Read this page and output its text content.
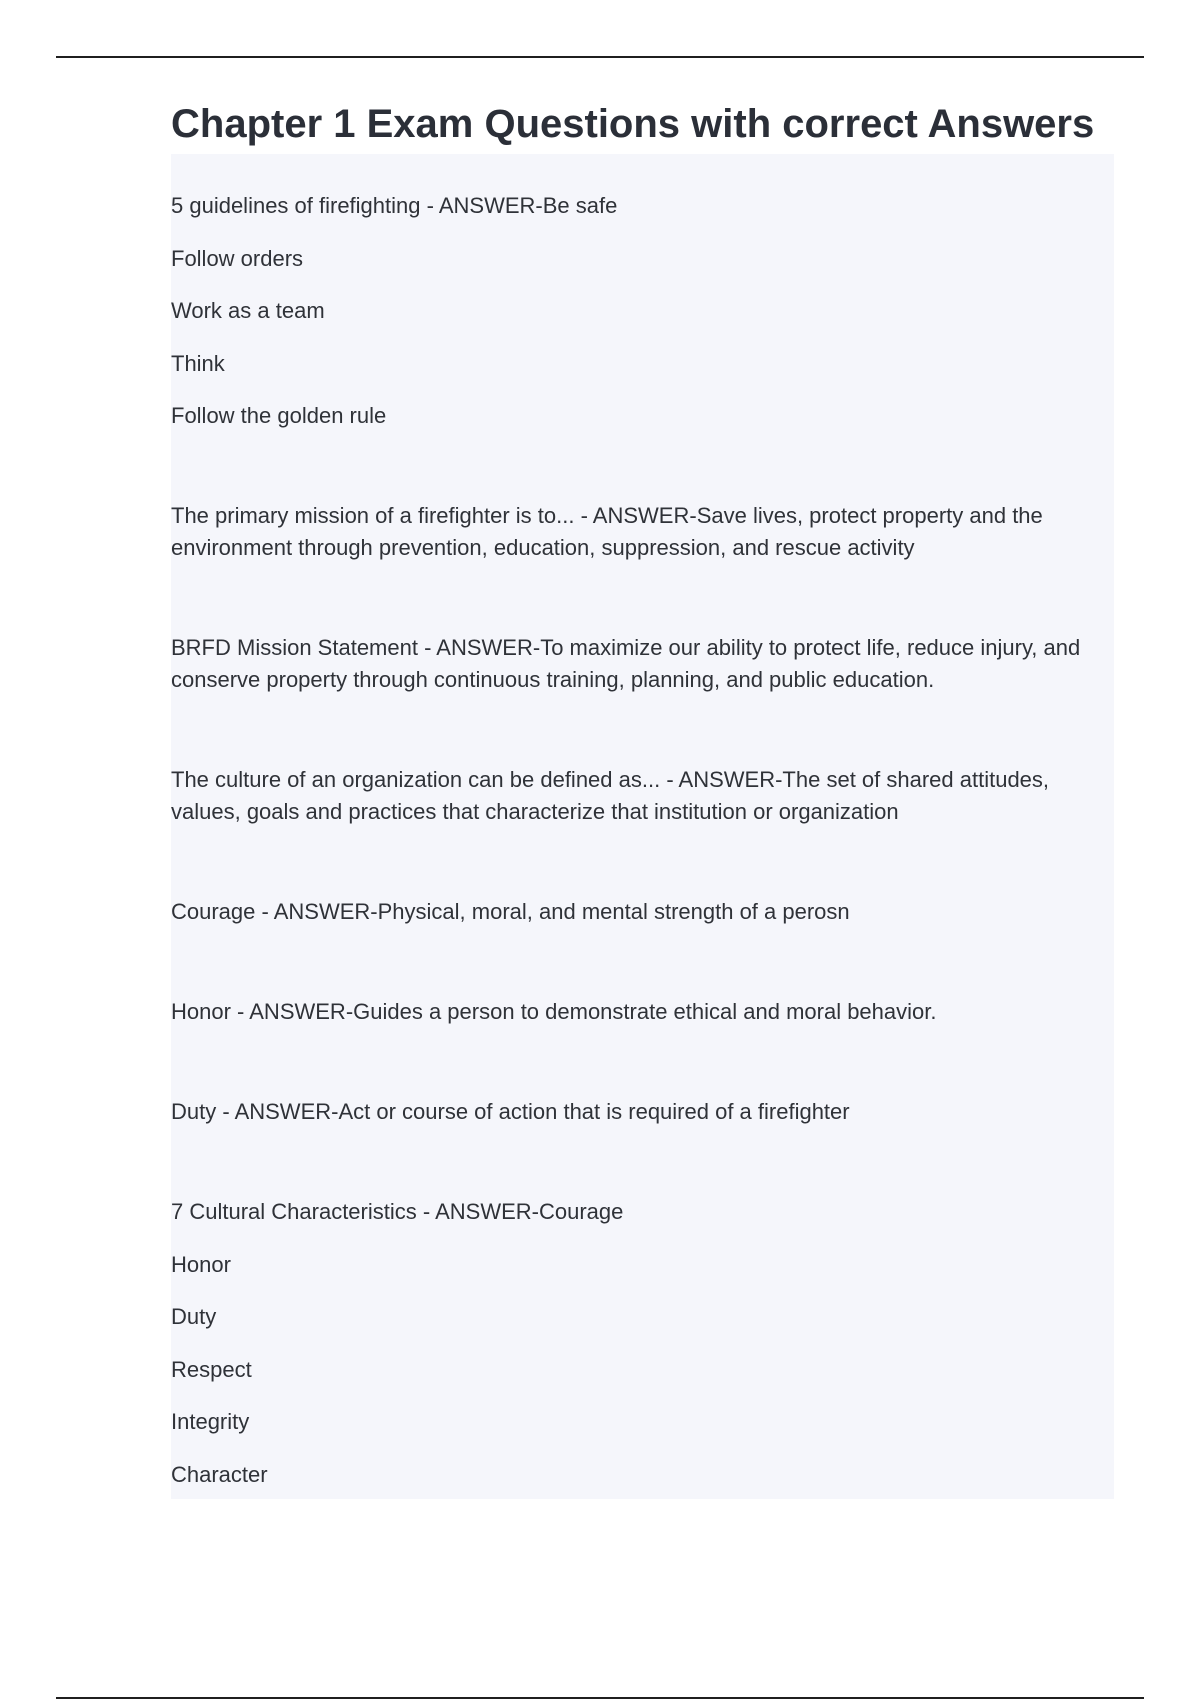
Chapter 1 Exam Questions with correct Answers

5 guidelines of firefighting - ANSWER-Be safe

Follow orders

Work as a team

Think

Follow the golden rule

The primary mission of a firefighter is to... - ANSWER-Save lives, protect property and the environment through prevention, education, suppression, and rescue activity

BRFD Mission Statement - ANSWER-To maximize our ability to protect life, reduce injury, and conserve property through continuous training, planning, and public education.

The culture of an organization can be defined as... - ANSWER-The set of shared attitudes, values, goals and practices that characterize that institution or organization

Courage - ANSWER-Physical, moral, and mental strength of a perosn

Honor - ANSWER-Guides a person to demonstrate ethical and moral behavior.

Duty - ANSWER-Act or course of action that is required of a firefighter

7 Cultural Characteristics - ANSWER-Courage

Honor

Duty

Respect

Integrity

Character
